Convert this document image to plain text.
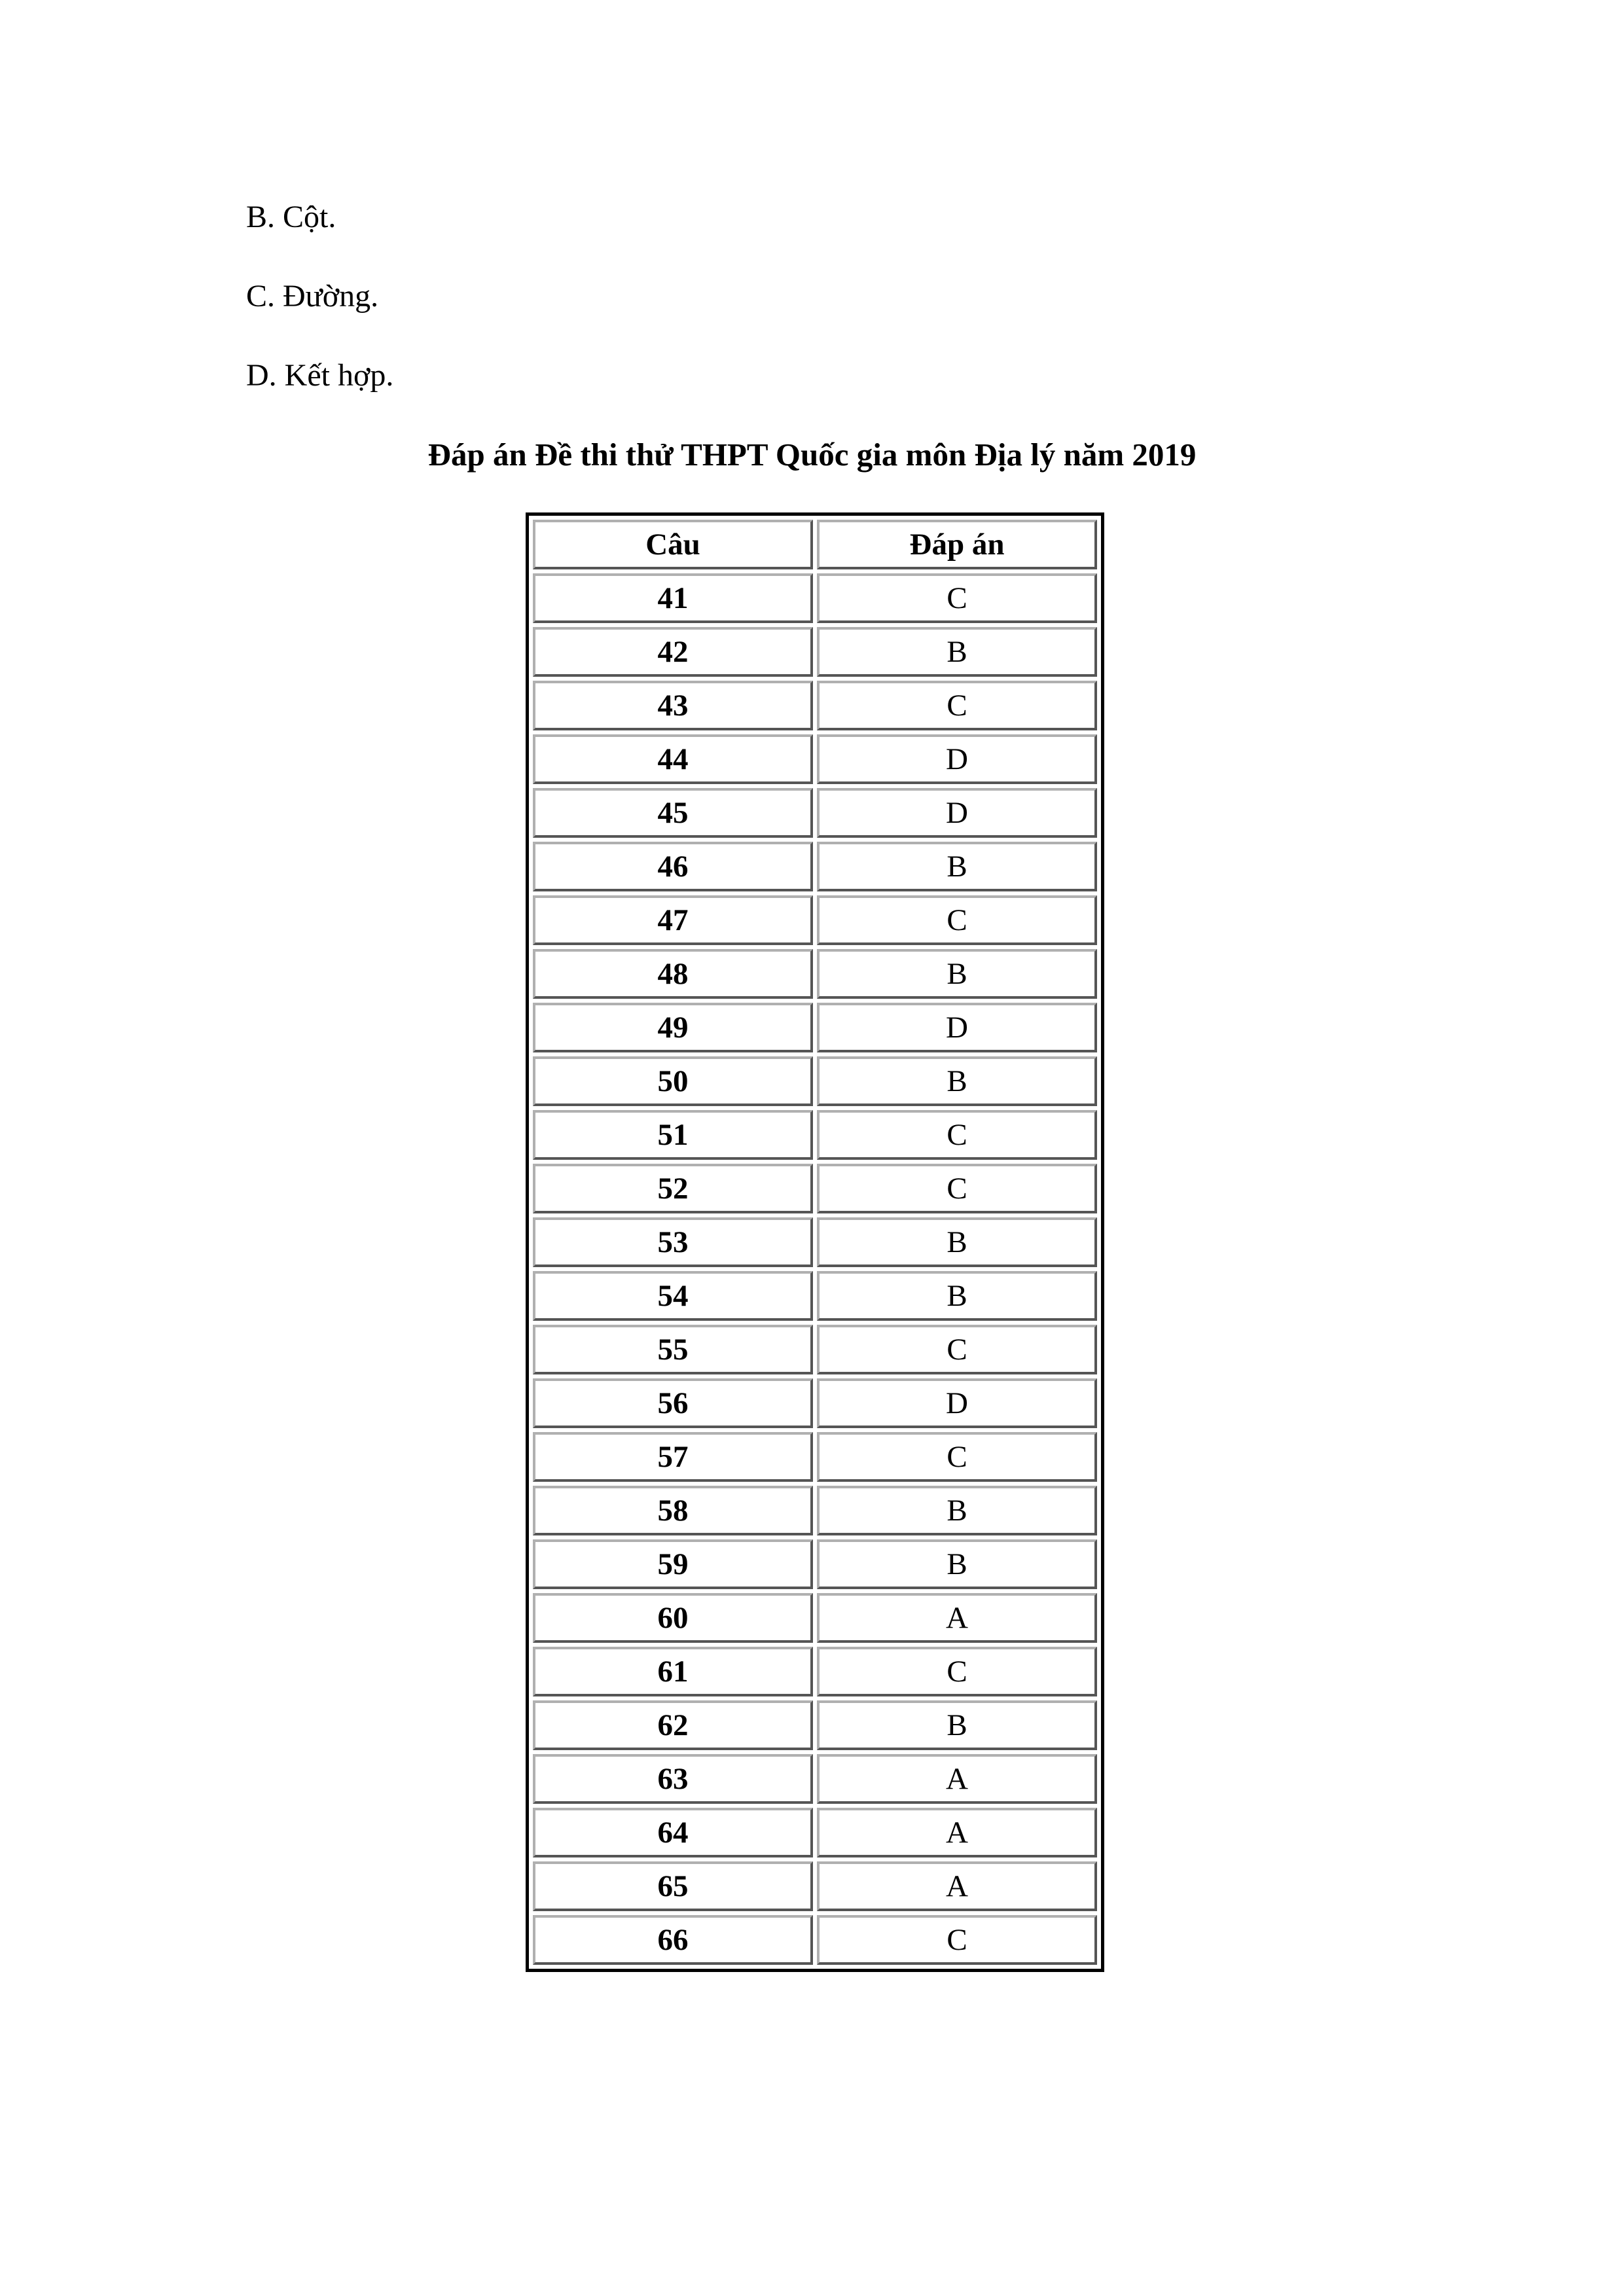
B. Cột.
C. Đường.
D. Kết hợp.
Đáp án Đề thi thử THPT Quốc gia môn Địa lý năm 2019
Câu	Đáp án
41	C
42	B
43	C
44	D
45	D
46	B
47	C
48	B
49	D
50	B
51	C
52	C
53	B
54	B
55	C
56	D
57	C
58	B
59	B
60	A
61	C
62	B
63	A
64	A
65	A
66	C
